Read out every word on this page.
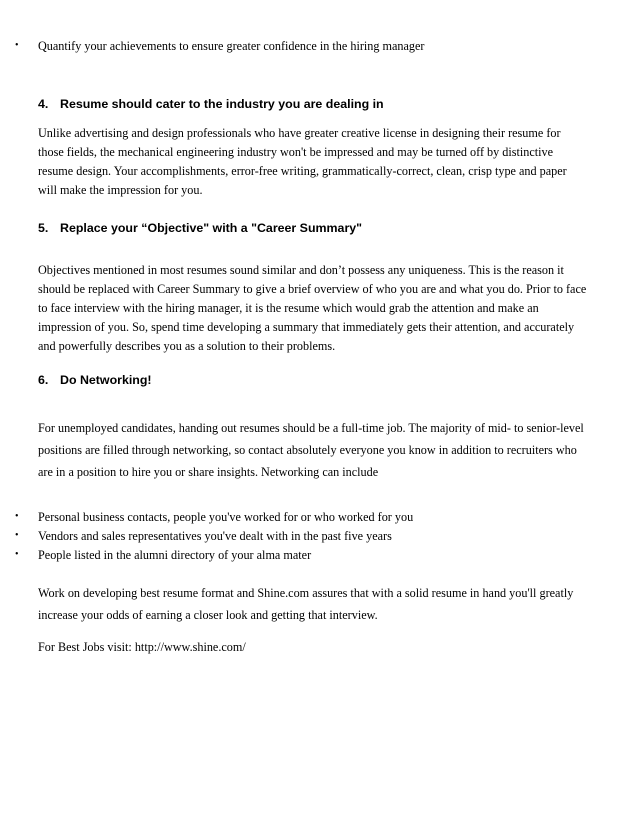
• Quantify your achievements to ensure greater confidence in the hiring manager
4. Resume should cater to the industry you are dealing in
Unlike advertising and design professionals who have greater creative license in designing their resume for
those fields, the mechanical engineering industry won't be impressed and may be turned off by distinctive
resume design. Your accomplishments, error-free writing, grammatically-correct, clean, crisp type and paper
will make the impression for you.
5. Replace your “Objective" with a "Career Summary"
Objectives mentioned in most resumes sound similar and don’t possess any uniqueness. This is the reason it
should be replaced with Career Summary to give a brief overview of who you are and what you do. Prior to face
to face interview with the hiring manager, it is the resume which would grab the attention and make an
impression of you. So, spend time developing a summary that immediately gets their attention, and accurately
and powerfully describes you as a solution to their problems.
6. Do Networking!
For unemployed candidates, handing out resumes should be a full-time job. The majority of mid- to senior-level
positions are filled through networking, so contact absolutely everyone you know in addition to recruiters who
are in a position to hire you or share insights. Networking can include
• Personal business contacts, people you've worked for or who worked for you
• Vendors and sales representatives you've dealt with in the past five years
• People listed in the alumni directory of your alma mater
Work on developing best resume format and Shine.com assures that with a solid resume in hand you'll greatly
increase your odds of earning a closer look and getting that interview.
For Best Jobs visit: http://www.shine.com/
